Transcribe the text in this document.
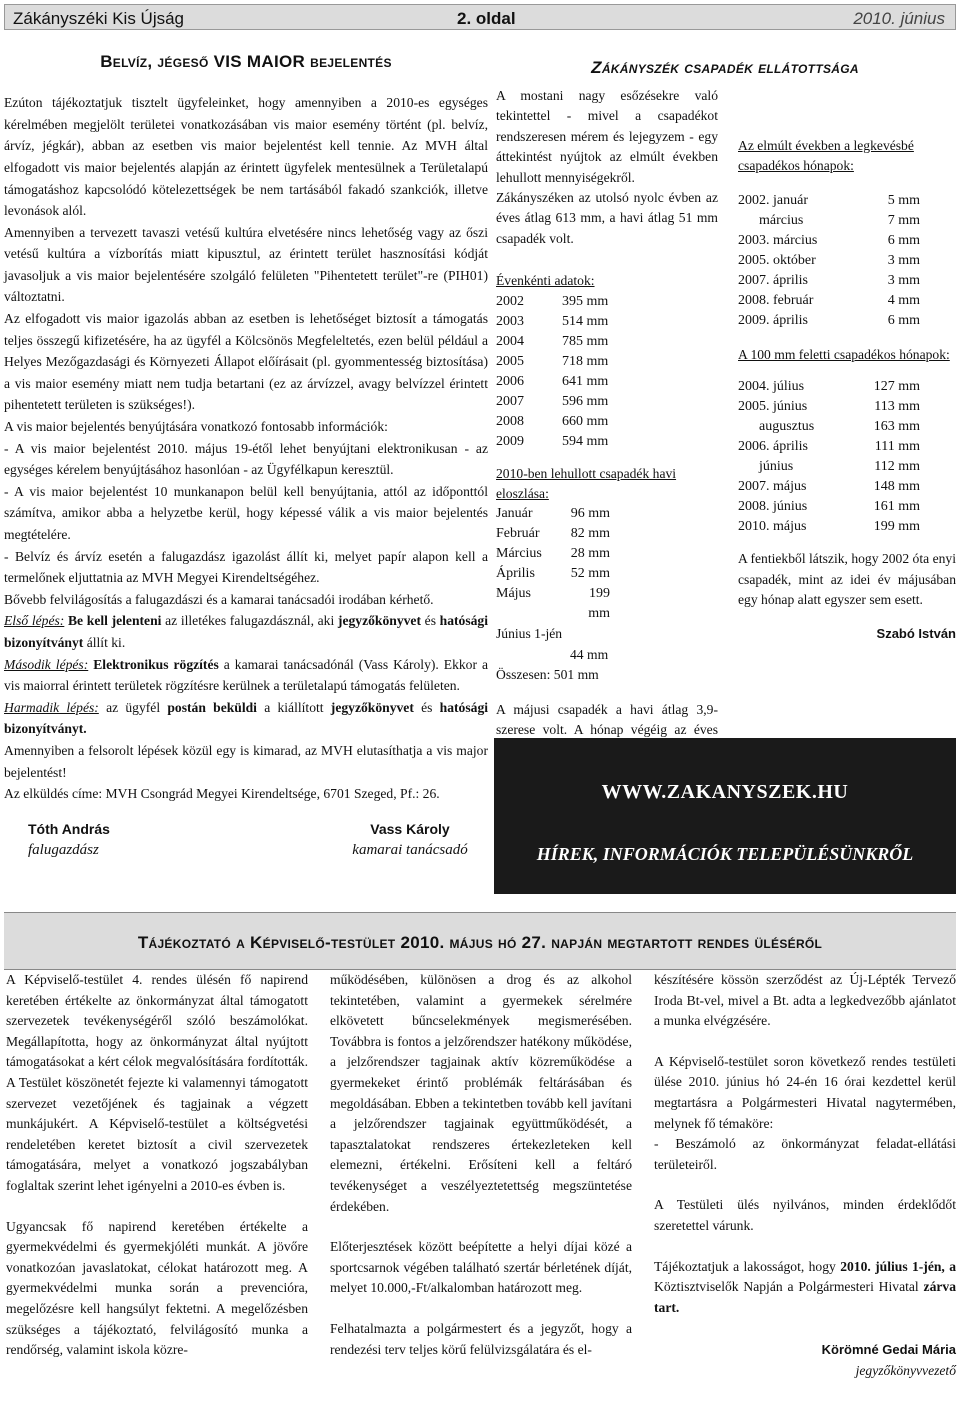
Zákányszéki Kis Újság	2. oldal	2010. június
Belvíz, jégeső VIS MAIOR bejelentés

Ezúton tájékoztatjuk tisztelt ügyfeleinket, hogy amennyiben a 2010-es egységes kérelmében megjelölt területei vonatkozásában vis maior esemény történt (pl. belvíz, árvíz, jégkár), abban az esetben vis maior bejelentést kell tennie. Az MVH által elfogadott vis maior bejelentés alapján az érintett ügyfelek mentesülnek a Területalapú támogatáshoz kapcsolódó kötelezettségek be nem tartásából fakadó szankciók, illetve levonások alól.

Amennyiben a tervezett tavaszi vetésű kultúra elvetésére nincs lehetőség vagy az őszi vetésű kultúra a vízborítás miatt kipusztul, az érintett terület hasznosítási kódját javasoljuk a vis maior bejelentésére szolgáló felületen "Pihentetett terület"-re (PIH01) változtatni.

Az elfogadott vis maior igazolás abban az esetben is lehetőséget biztosít a támogatás teljes összegű kifizetésére, ha az ügyfél a Kölcsönös Megfeleltetés, ezen belül például a Helyes Mezőgazdasági és Környezeti Állapot előírásait (pl. gyommentesség biztosítása) a vis maior esemény miatt nem tudja betartani (ez az árvízzel, avagy belvízzel érintett pihentetett területen is szükséges!).

A vis maior bejelentés benyújtására vonatkozó fontosabb információk:

- A vis maior bejelentést 2010. május 19-étől lehet benyújtani elektronikusan - az egységes kérelem benyújtásához hasonlóan - az Ügyfélkapun keresztül.

- A vis maior bejelentést 10 munkanapon belül kell benyújtania, attól az időponttól számítva, amikor abba a helyzetbe kerül, hogy képessé válik a vis maior bejelentés megtételére.

- Belvíz és árvíz esetén a falugazdász igazolást állít ki, melyet papír alapon kell a termelőnek eljuttatnia az MVH Megyei Kirendeltségéhez.

Bővebb felvilágosítás a falugazdászi és a kamarai tanácsadói irodában kérhető.

Első lépés: Be kell jelenteni az illetékes falugazdásznál, aki jegyzőkönyvet és hatósági bizonyítványt állít ki.

Második lépés: Elektronikus rögzítés a kamarai tanácsadónál (Vass Károly). Ekkor a vis maiorral érintett területek rögzítésre kerülnek a területalapú támogatás felületen.

Harmadik lépés: az ügyfél postán beküldi a kiállított jegyzőkönyvet és hatósági bizonyítványt.

Amennyiben a felsorolt lépések közül egy is kimarad, az MVH elutasíthatja a vis major bejelentést!

Az elküldés címe: MVH Csongrád Megyei Kirendeltsége, 6701 Szeged, Pf.: 26.

Tóth András
falugazdász
Vass Károly
kamarai tanácsadó
Zákányszék csapadék ellátottsága

A mostani nagy esőzésekre való tekintettel - mivel a csapadékot rendszeresen mérem és lejegyzem - egy áttekintést nyújtok az elmúlt években lehullott mennyiségekről.

Zákányszéken az utolsó nyolc évben az éves átlag 613 mm, a havi átlag 51 mm csapadék volt.

Évenkénti adatok:

2002	395 mm
2003	514 mm
2004	785 mm
2005	718 mm
2006	641 mm
2007	596 mm
2008	660 mm
2009	594 mm

2010-ben lehullott csapadék havi eloszlása:

Január	96 mm
Február	82 mm
Március	28 mm
Április	52 mm
Május	199 mm
Június 1-jén
44 mm
Összesen: 501 mm

A májusi csapadék a havi átlag 3,9-szerese volt. A hónap végéig az éves

Az elmúlt években a legkevésbé csapadékos hónapok:

2002. január	5 mm
március	7 mm
2003. március	6 mm
2005. október	3 mm
2007. április	3 mm
2008. február	4 mm
2009. április	6 mm

A 100 mm feletti csapadékos hónapok:

2004. július	127 mm
2005. június	113 mm
augusztus	163 mm
2006. április	111 mm
június	112 mm
2007. május	148 mm
2008. június	161 mm
2010. május	199 mm

A fentiekből látszik, hogy 2002 óta enyi csapadék, mint az idei év májusában egy hónap alatt egyszer sem esett.

Szabó István

WWW.ZAKANYSZEK.HU
HÍREK, INFORMÁCIÓK TELEPÜLÉSÜNKRŐL
Tájékoztató a Képviselő-testület 2010. május hó 27. napján megtartott rendes üléséről

A Képviselő-testület 4. rendes ülésén fő napirend keretében értékelte az önkormányzat által támogatott szervezetek tevékenységéről szóló beszámolókat. Megállapította, hogy az önkormányzat által nyújtott támogatásokat a kért célok megvalósítására fordították. A Testület köszönetét fejezte ki valamennyi támogatott szervezet vezetőjének és tagjainak a végzett munkájukért. A Képviselő-testület a költségvetési rendeletében keretet biztosít a civil szervezetek támogatására, melyet a vonatkozó jogszabályban foglaltak szerint lehet igényelni a 2010-es évben is.

Ugyancsak fő napirend keretében értékelte a gyermekvédelmi és gyermekjóléti munkát. A jövőre vonatkozóan javaslatokat, célokat határozott meg. A gyermekvédelmi munka során a prevencióra, megelőzésre kell hangsúlyt fektetni. A megelőzésben szükséges a tájékoztató, felvilágosító munka a rendőrség, valamint iskola közre-

működésében, különösen a drog és az alkohol tekintetében, valamint a gyermekek sérelmére elkövetett bűncselekmények megismerésében. Továbbra is fontos a jelzőrendszer hatékony működése, a jelzőrendszer tagjainak aktív közreműködése a gyermekeket érintő problémák feltárásában és megoldásában. Ebben a tekintetben tovább kell javítani a jelzőrendszer tagjainak együttműködését, a tapasztalatokat rendszeres értekezleteken kell elemezni, értékelni. Erősíteni kell a feltáró tevékenységet a veszélyeztetettség megszüntetése érdekében.

Előterjesztések között beépítette a helyi díjai közé a sportcsarnok végében található szertár bérletének díját, melyet 10.000,-Ft/alkalomban határozott meg.

Felhatalmazta a polgármestert és a jegyzőt, hogy a rendezési terv teljes körű felülvizsgálatára és el-

készítésére kössön szerződést az Új-Lépték Tervező Iroda Bt-vel, mivel a Bt. adta a legkedvezőbb ajánlatot a munka elvégzésére.

A Képviselő-testület soron következő rendes testületi ülése 2010. június hó 24-én 16 órai kezdettel kerül megtartásra a Polgármesteri Hivatal nagytermében, melynek fő témaköre:

- Beszámoló az önkormányzat feladat-ellátási területeiről.

A Testületi ülés nyilvános, minden érdeklődőt szeretettel várunk.

Tájékoztatjuk a lakosságot, hogy 2010. július 1-jén, a Köztisztviselők Napján a Polgármesteri Hivatal zárva tart.

Körömné Gedai Mária

jegyzőkönyvvezető
